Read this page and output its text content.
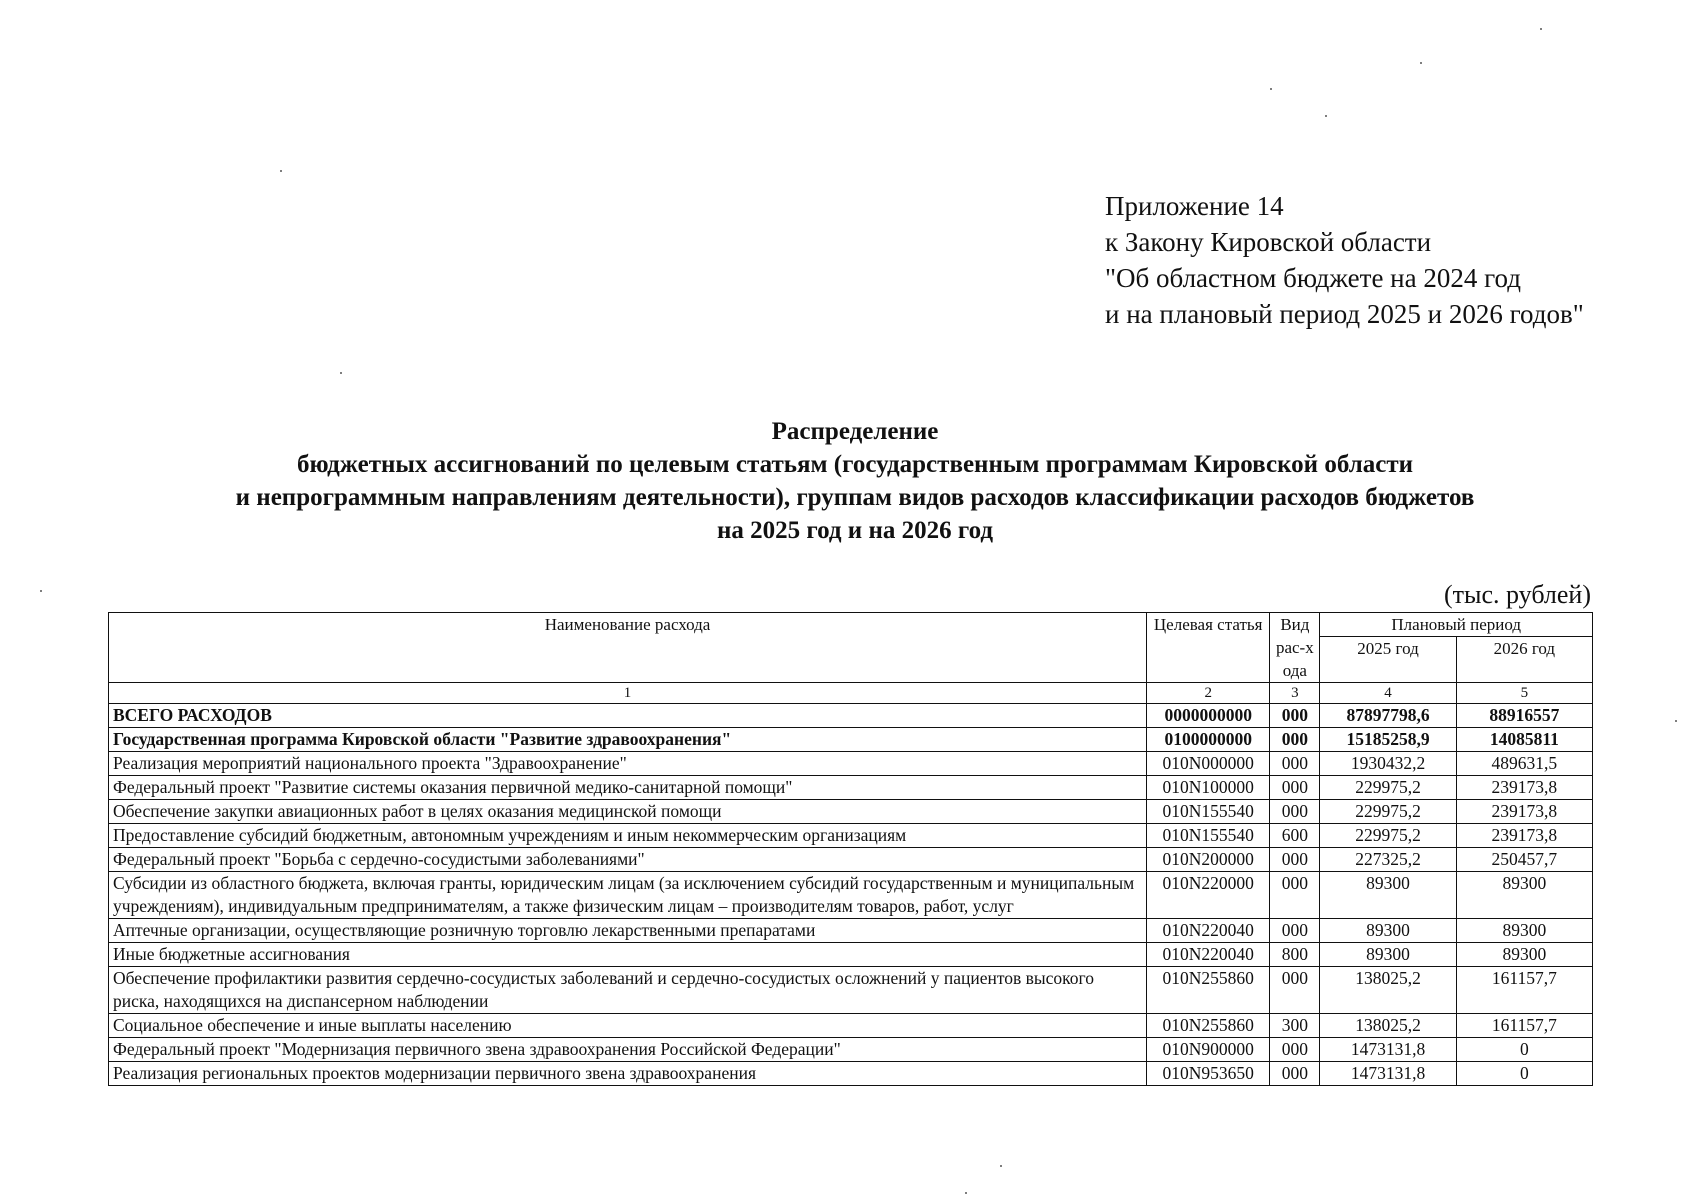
Приложение 14
к Закону Кировской области
"Об областном бюджете на 2024 год
и на плановый период 2025 и 2026 годов"
Распределение
бюджетных ассигнований по целевым статьям (государственным программам Кировской области
и непрограммным направлениям деятельности), группам видов расходов классификации расходов бюджетов
на 2025 год и на 2026 год
(тыс. рублей)
Наименование расхода	Целевая статья	Вид рас-хода	Плановый период	
			2025 год	2026 год
1	2	3	4	5
ВСЕГО РАСХОДОВ	0000000000	000	87897798,6	88916557
Государственная программа Кировской области "Развитие здравоохранения"	0100000000	000	15185258,9	14085811
Реализация мероприятий национального проекта "Здравоохранение"	010N000000	000	1930432,2	489631,5
Федеральный проект "Развитие системы оказания первичной медико-санитарной помощи"	010N100000	000	229975,2	239173,8
Обеспечение закупки авиационных работ в целях оказания медицинской помощи	010N155540	000	229975,2	239173,8
Предоставление субсидий бюджетным, автономным учреждениям и иным некоммерческим организациям	010N155540	600	229975,2	239173,8
Федеральный проект "Борьба с сердечно-сосудистыми заболеваниями"	010N200000	000	227325,2	250457,7
Субсидии из областного бюджета, включая гранты, юридическим лицам (за исключением субсидий государственным и муниципальным учреждениям), индивидуальным предпринимателям, а также физическим лицам – производителям товаров, работ, услуг	010N220000	000	89300	89300
Аптечные организации, осуществляющие розничную торговлю лекарственными препаратами	010N220040	000	89300	89300
Иные бюджетные ассигнования	010N220040	800	89300	89300
Обеспечение профилактики развития сердечно-сосудистых заболеваний и сердечно-сосудистых осложнений у пациентов высокого риска, находящихся на диспансерном наблюдении	010N255860	000	138025,2	161157,7
Социальное обеспечение и иные выплаты населению	010N255860	300	138025,2	161157,7
Федеральный проект "Модернизация первичного звена здравоохранения Российской Федерации"	010N900000	000	1473131,8	0
Реализация региональных проектов модернизации первичного звена здравоохранения	010N953650	000	1473131,8	0
